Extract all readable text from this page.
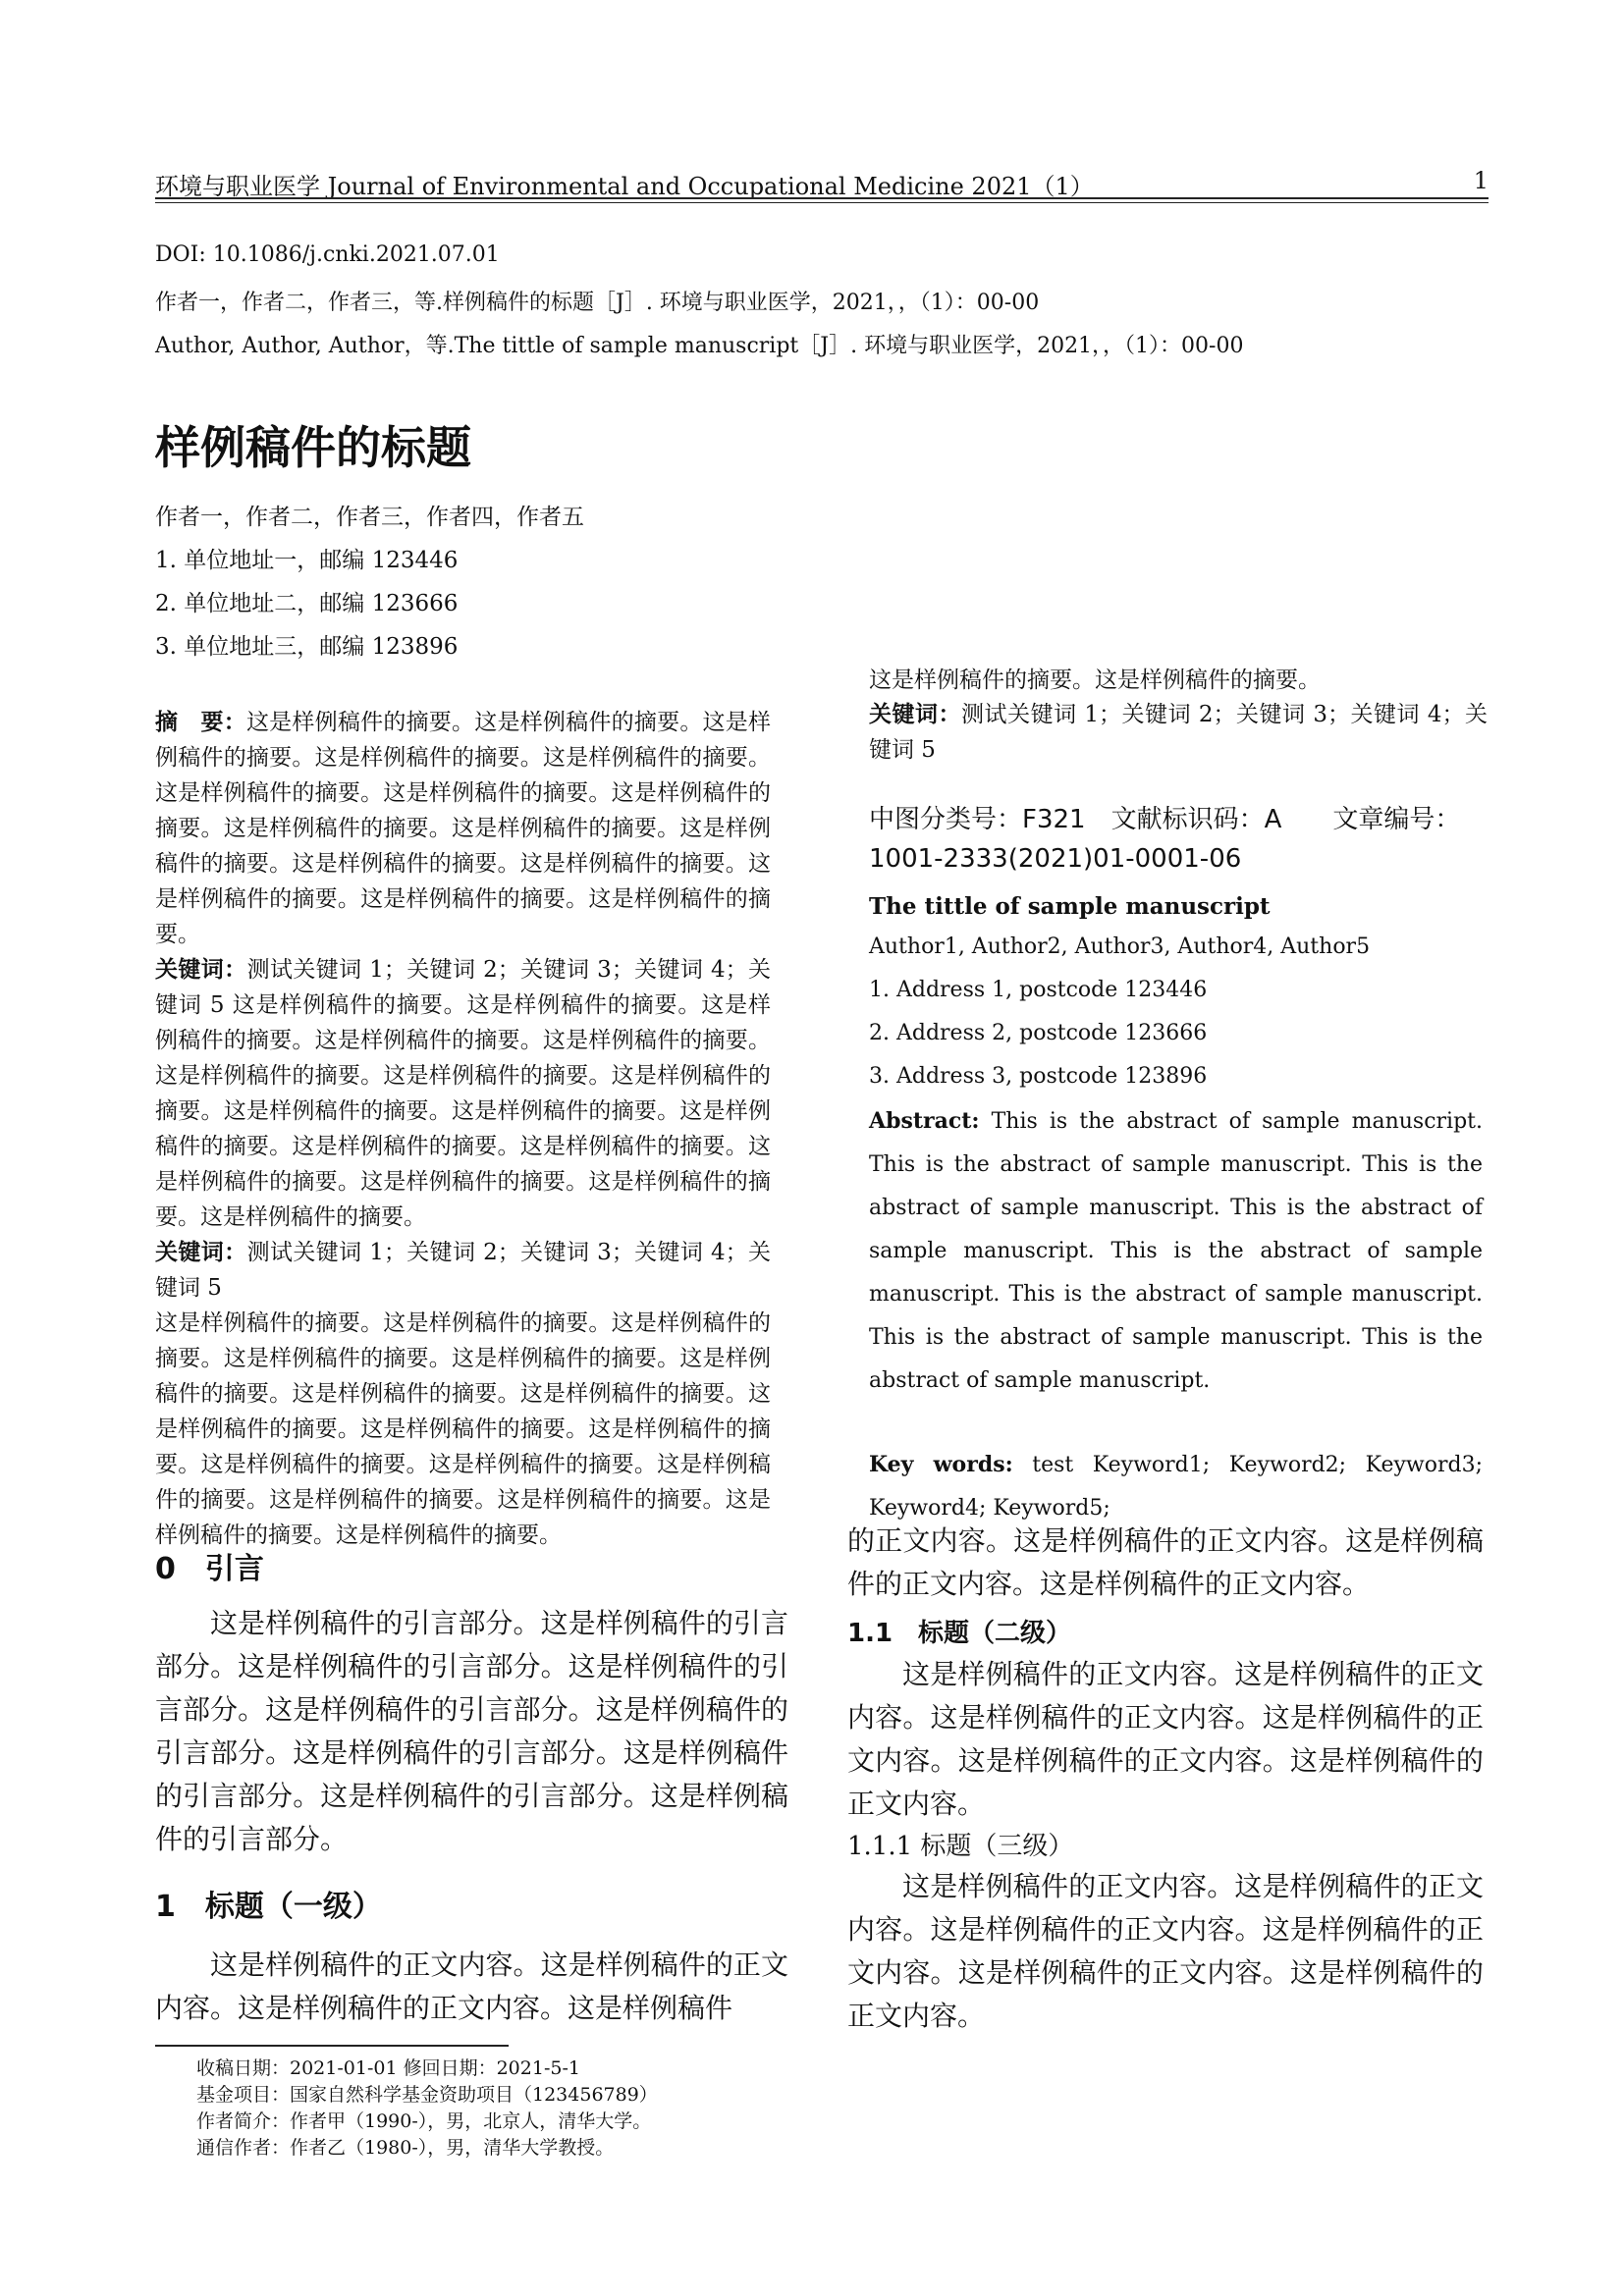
环境与职业医学 Journal of Environmental and Occupational Medicine 2021（1）	1
DOI: 10.1086/j.cnki.2021.07.01
作者一，作者二，作者三，等.样例稿件的标题［J］. 环境与职业医学，2021，，（1）：00-00
Author, Author, Author，等.The tittle of sample manuscript［J］. 环境与职业医学，2021，，（1）：00-00
样例稿件的标题
作者一，作者二，作者三，作者四，作者五
1. 单位地址一，邮编 123446
2. 单位地址二，邮编 123666
3. 单位地址三，邮编 123896
摘　要：这是样例稿件的摘要。这是样例稿件的摘要。这是样例稿件的摘要。这是样例稿件的摘要。这是样例稿件的摘要。这是样例稿件的摘要。这是样例稿件的摘要。这是样例稿件的摘要。这是样例稿件的摘要。这是样例稿件的摘要。这是样例稿件的摘要。这是样例稿件的摘要。这是样例稿件的摘要。这是样例稿件的摘要。这是样例稿件的摘要。这是样例稿件的摘要。
关键词：测试关键词 1；关键词 2；关键词 3；关键词 4；关键词 5 这是样例稿件的摘要。这是样例稿件的摘要。这是样例稿件的摘要。这是样例稿件的摘要。这是样例稿件的摘要。这是样例稿件的摘要。这是样例稿件的摘要。这是样例稿件的摘要。这是样例稿件的摘要。这是样例稿件的摘要。这是样例稿件的摘要。这是样例稿件的摘要。这是样例稿件的摘要。这是样例稿件的摘要。这是样例稿件的摘要。这是样例稿件的摘要。这是样例稿件的摘要。
关键词：测试关键词 1；关键词 2；关键词 3；关键词 4；关键词 5
这是样例稿件的摘要。这是样例稿件的摘要。这是样例稿件的摘要。这是样例稿件的摘要。这是样例稿件的摘要。这是样例稿件的摘要。这是样例稿件的摘要。这是样例稿件的摘要。这是样例稿件的摘要。这是样例稿件的摘要。这是样例稿件的摘要。这是样例稿件的摘要。这是样例稿件的摘要。这是样例稿件的摘要。这是样例稿件的摘要。这是样例稿件的摘要。这是样例稿件的摘要。这是样例稿件的摘要。
0　引言
这是样例稿件的引言部分。这是样例稿件的引言部分。这是样例稿件的引言部分。这是样例稿件的引言部分。这是样例稿件的引言部分。这是样例稿件的引言部分。这是样例稿件的引言部分。这是样例稿件的引言部分。这是样例稿件的引言部分。这是样例稿件的引言部分。
1　标题（一级）
这是样例稿件的正文内容。这是样例稿件的正文内容。这是样例稿件的正文内容。这是样例稿件
收稿日期：2021-01-01 修回日期：2021-5-1
基金项目：国家自然科学基金资助项目（123456789）
作者简介：作者甲（1990-），男，北京人，清华大学。
通信作者：作者乙（1980-），男，清华大学教授。
这是样例稿件的摘要。这是样例稿件的摘要。
关键词：测试关键词 1；关键词 2；关键词 3；关键词 4；关键词 5
中图分类号：F321　文献标识码：A　　文章编号：1001-2333(2021)01-0001-06
The tittle of sample manuscript
Author1, Author2, Author3, Author4, Author5
1. Address 1, postcode 123446
2. Address 2, postcode 123666
3. Address 3, postcode 123896
Abstract: This is the abstract of sample manuscript. This is the abstract of sample manuscript. This is the abstract of sample manuscript. This is the abstract of sample manuscript. This is the abstract of sample manuscript. This is the abstract of sample manuscript. This is the abstract of sample manuscript. This is the abstract of sample manuscript.
Key words: test Keyword1; Keyword2; Keyword3; Keyword4; Keyword5;
的正文内容。这是样例稿件的正文内容。这是样例稿件的正文内容。这是样例稿件的正文内容。
1.1　标题（二级）
这是样例稿件的正文内容。这是样例稿件的正文内容。这是样例稿件的正文内容。这是样例稿件的正文内容。这是样例稿件的正文内容。这是样例稿件的正文内容。
1.1.1 标题（三级）
这是样例稿件的正文内容。这是样例稿件的正文内容。这是样例稿件的正文内容。这是样例稿件的正文内容。这是样例稿件的正文内容。这是样例稿件的正文内容。
